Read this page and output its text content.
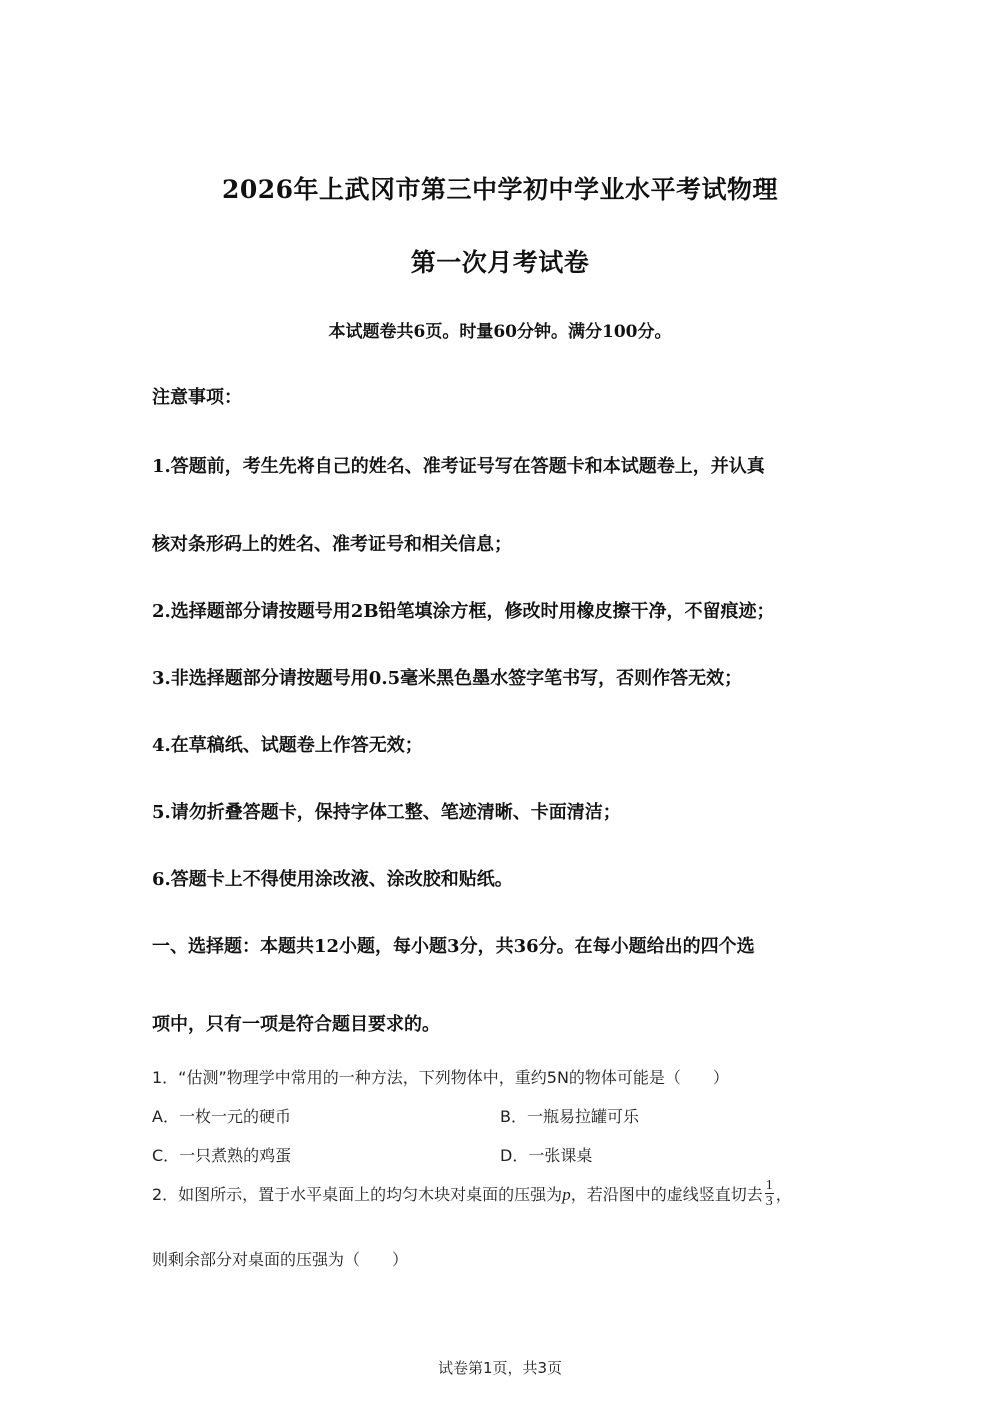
2026年上武冈市第三中学初中学业水平考试物理
第一次月考试卷
本试题卷共6页。时量60分钟。满分100分。
注意事项：
1.答题前，考生先将自己的姓名、准考证号写在答题卡和本试题卷上，并认真
核对条形码上的姓名、准考证号和相关信息；
2.选择题部分请按题号用2B铅笔填涂方框，修改时用橡皮擦干净，不留痕迹；
3.非选择题部分请按题号用0.5毫米黑色墨水签字笔书写，否则作答无效；
4.在草稿纸、试题卷上作答无效；
5.请勿折叠答题卡，保持字体工整、笔迹清晰、卡面清洁；
6.答题卡上不得使用涂改液、涂改胶和贴纸。
一、选择题：本题共12小题，每小题3分，共36分。在每小题给出的四个选
项中，只有一项是符合题目要求的。
1．“估测”物理学中常用的一种方法，下列物体中，重约5N的物体可能是（　　）
A．一枚一元的硬币	B．一瓶易拉罐可乐
C．一只煮熟的鸡蛋	D．一张课桌
2．如图所示，置于水平桌面上的均匀木块对桌面的压强为p，若沿图中的虚线竖直切去 $\frac{1}{3}$ ，
则剩余部分对桌面的压强为（　　）
试卷第1页，共3页
